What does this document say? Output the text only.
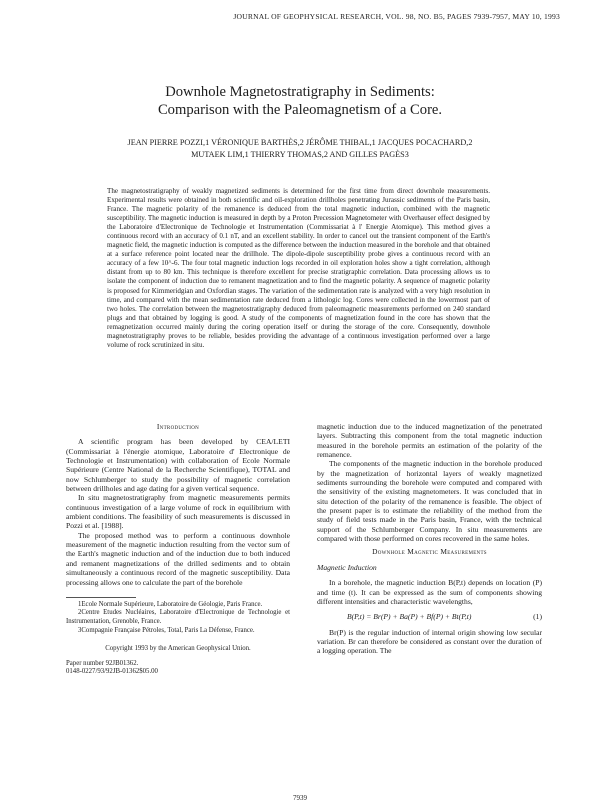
JOURNAL OF GEOPHYSICAL RESEARCH, VOL. 98, NO. B5, PAGES 7939-7957, MAY 10, 1993
Downhole Magnetostratigraphy in Sediments:
Comparison with the Paleomagnetism of a Core.
JEAN PIERRE POZZI,1 VÉRONIQUE BARTHÈS,2 JÉRÔME THIBAL,1 JACQUES POCACHARD,2
MUTAEK LIM,1 THIERRY THOMAS,2 AND GILLES PAGÈS3
The magnetostratigraphy of weakly magnetized sediments is determined for the first time from direct downhole measurements. Experimental results were obtained in both scientific and oil-exploration drillholes penetrating Jurassic sediments of the Paris basin, France. The magnetic polarity of the remanence is deduced from the total magnetic induction, combined with the magnetic susceptibility. The magnetic induction is measured in depth by a Proton Precession Magnetometer with Overhauser effect designed by the Laboratoire d'Electronique de Technologie et Instrumentation (Commissariat à l' Energie Atomique). This method gives a continuous record with an accuracy of 0.1 nT, and an excellent stability. In order to cancel out the transient component of the Earth's magnetic field, the magnetic induction is computed as the difference between the induction measured in the borehole and that obtained at a surface reference point located near the drillhole. The dipole-dipole susceptibility probe gives a continuous record with an accuracy of a few 10^-6. The four total magnetic induction logs recorded in oil exploration holes show a tight correlation, although distant from up to 80 km. This technique is therefore excellent for precise stratigraphic correlation. Data processing allows us to isolate the component of induction due to remanent magnetization and to find the magnetic polarity. A sequence of magnetic polarity is proposed for Kimmeridgian and Oxfordian stages. The variation of the sedimentation rate is analyzed with a very high resolution in time, and compared with the mean sedimentation rate deduced from a lithologic log. Cores were collected in the lowermost part of two holes. The correlation between the magnetostratigraphy deduced from paleomagnetic measurements performed on 240 standard plugs and that obtained by logging is good. A study of the components of magnetization found in the core has shown that the remagnetization occurred mainly during the coring operation itself or during the storage of the core. Consequently, downhole magnetostratigraphy proves to be reliable, besides providing the advantage of a continuous investigation performed over a large volume of rock scrutinized in situ.
Introduction

A scientific program has been developed by CEA/LETI (Commissariat à l'énergie atomique, Laboratoire d' Electronique de Technologie et Instrumentation) with collaboration of Ecole Normale Supérieure (Centre National de la Recherche Scientifique), TOTAL and now Schlumberger to study the possibility of magnetic correlation between drillholes and age dating for a given vertical sequence.

In situ magnetostratigraphy from magnetic measurements permits continuous investigation of a large volume of rock in equilibrium with ambient conditions. The feasibility of such measurements is discussed in Pozzi et al. [1988].

The proposed method was to perform a continuous downhole measurement of the magnetic induction resulting from the vector sum of the Earth's magnetic induction and of the induction due to both induced and remanent magnetizations of the drilled sediments and to obtain simultaneously a continuous record of the magnetic susceptibility. Data processing allows one to calculate the part of the borehole

1Ecole Normale Supérieure, Laboratoire de Géologie, Paris France.

2Centre Etudes Nucléaires, Laboratoire d'Electronique de Technologie et Instrumentation, Grenoble, France.

3Compagnie Française Pétroles, Total, Paris La Défense, France.

Copyright 1993 by the American Geophysical Union.
Paper number 92JB01362.
0148-0227/93/92JB-01362$05.00

magnetic induction due to the induced magnetization of the penetrated layers. Subtracting this component from the total magnetic induction measured in the borehole permits an estimation of the polarity of the remanence.

The components of the magnetic induction in the borehole produced by the magnetization of horizontal layers of weakly magnetized sediments surrounding the borehole were computed and compared with the sensitivity of the existing magnetometers. It was concluded that in situ detection of the polarity of the remanence is feasible. The object of the present paper is to estimate the reliability of the method from the study of field tests made in the Paris basin, France, with the technical support of the Schlumberger Company. In situ measurements are compared with those performed on cores recovered in the same holes.

Downhole Magnetic Measurements
Magnetic Induction

In a borehole, the magnetic induction B(P,t) depends on location (P) and time (t). It can be expressed as the sum of components showing different intensities and characteristic wavelengths,

B(P,t) = Br(P) + Ba(P) + Bf(P) + Bt(P,t)	(1)

Br(P) is the regular induction of internal origin showing low secular variation. Br can therefore be considered as constant over the duration of a logging operation. The

7939
